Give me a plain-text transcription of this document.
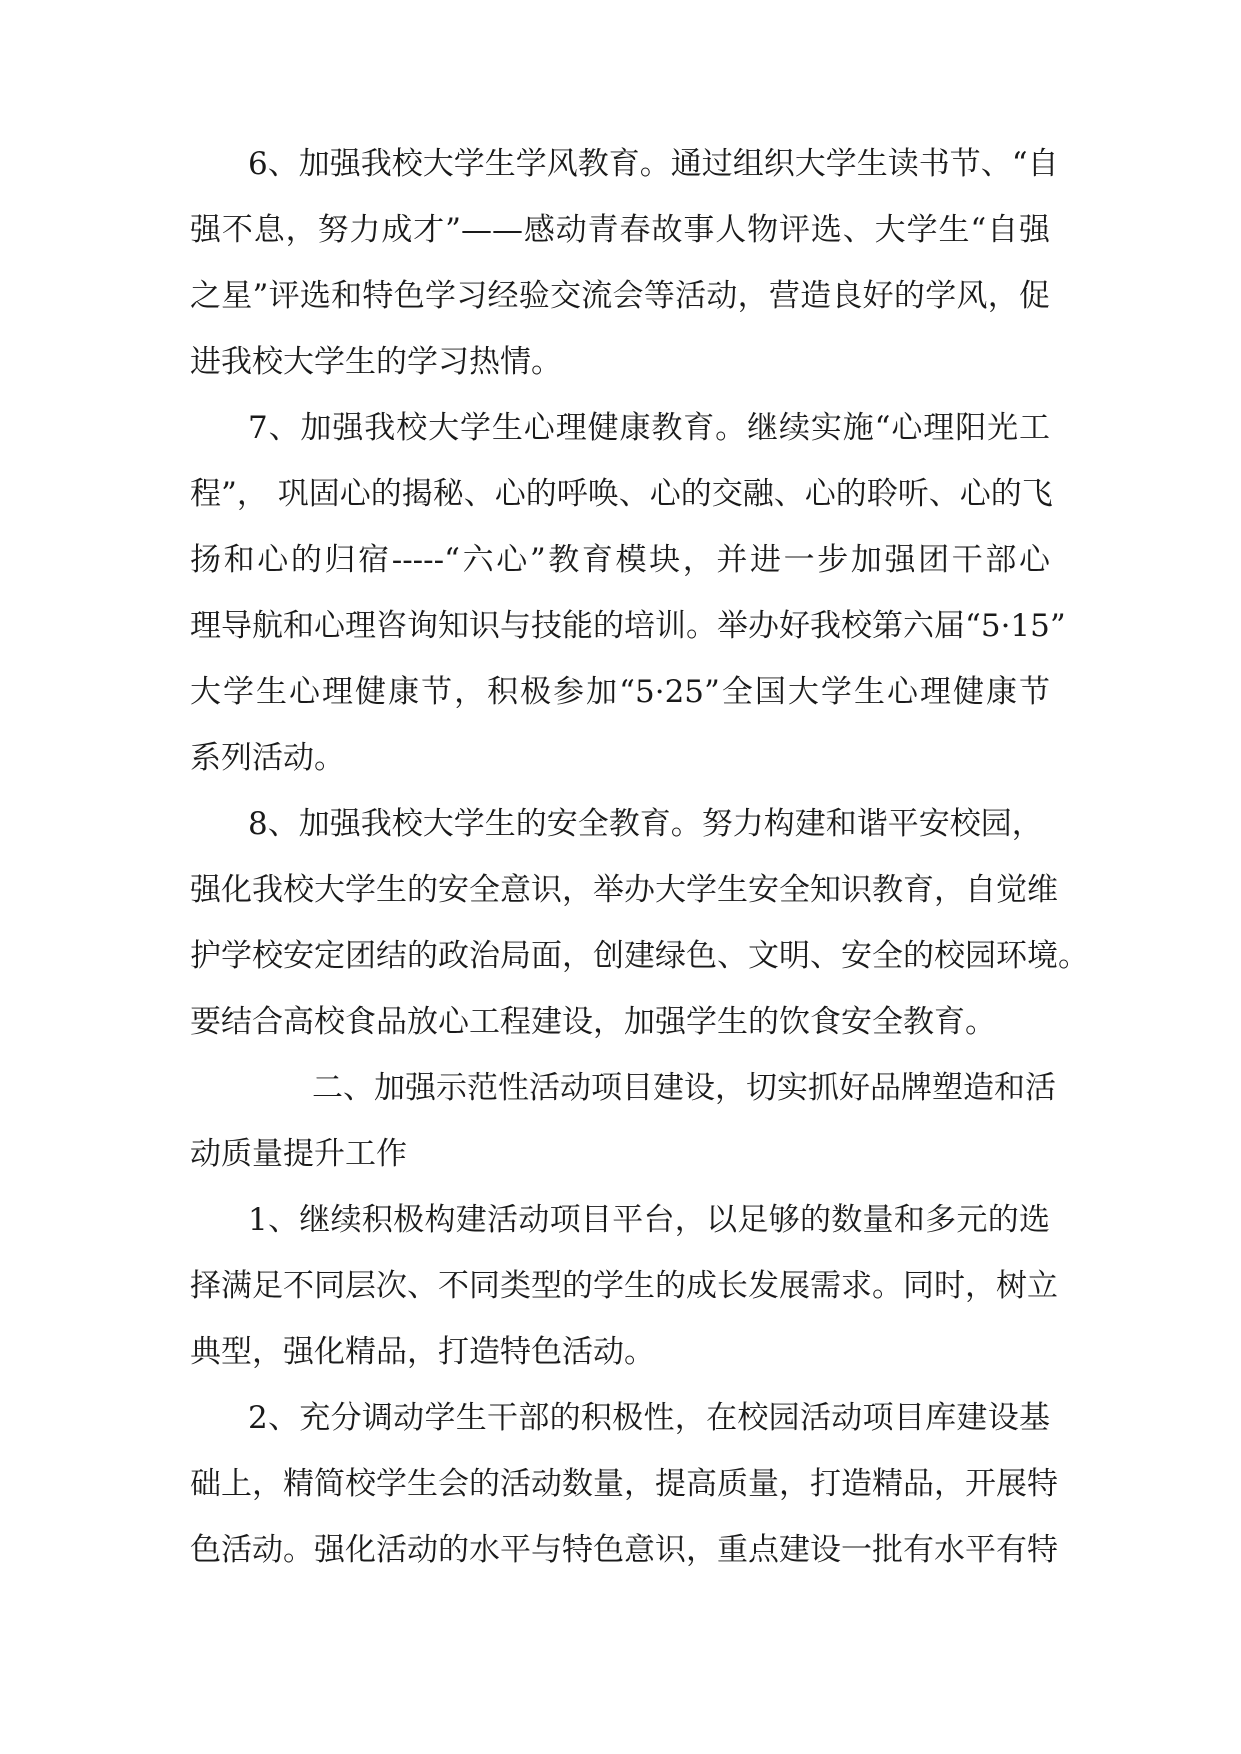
6、加强我校大学生学风教育。通过组织大学生读书节、“自
强不息，努力成才”——感动青春故事人物评选、大学生“自强
之星”评选和特色学习经验交流会等活动，营造良好的学风，促
进我校大学生的学习热情。
7、加强我校大学生心理健康教育。继续实施“心理阳光工
程”， 巩固心的揭秘、心的呼唤、心的交融、心的聆听、心的飞
扬和心的归宿-----“六心”教育模块，并进一步加强团干部心
理导航和心理咨询知识与技能的培训。举办好我校第六届“5·15”
大学生心理健康节，积极参加“5·25”全国大学生心理健康节
系列活动。
8、加强我校大学生的安全教育。努力构建和谐平安校园，
强化我校大学生的安全意识，举办大学生安全知识教育，自觉维
护学校安定团结的政治局面，创建绿色、文明、安全的校园环境。
要结合高校食品放心工程建设，加强学生的饮食安全教育。
二、加强示范性活动项目建设，切实抓好品牌塑造和活
动质量提升工作
1、继续积极构建活动项目平台，以足够的数量和多元的选
择满足不同层次、不同类型的学生的成长发展需求。同时，树立
典型，强化精品，打造特色活动。
2、充分调动学生干部的积极性，在校园活动项目库建设基
础上，精简校学生会的活动数量，提高质量，打造精品，开展特
色活动。强化活动的水平与特色意识，重点建设一批有水平有特
